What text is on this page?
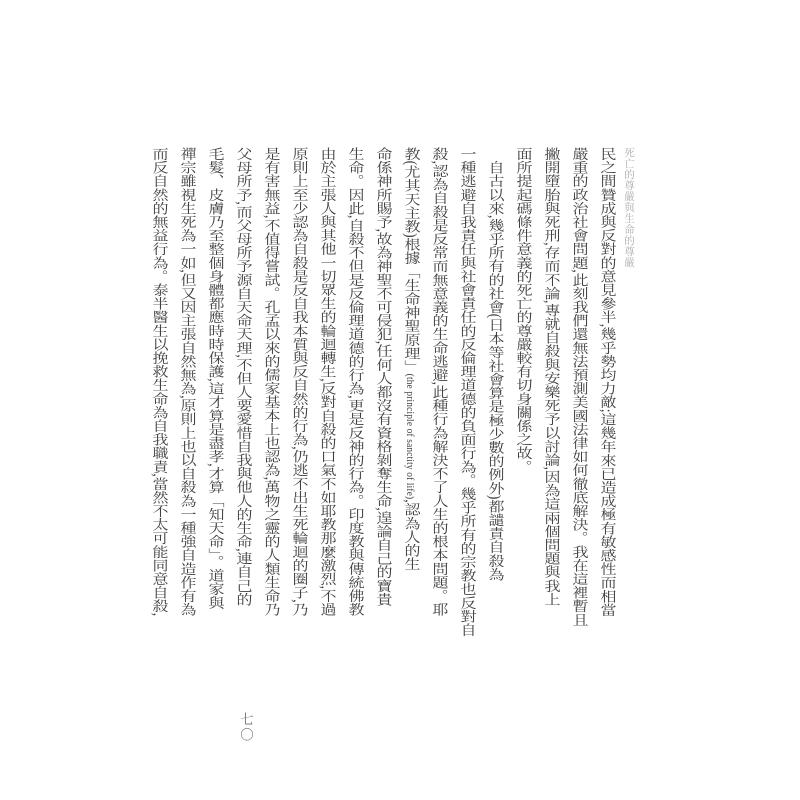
死亡的尊嚴與生命的尊嚴
民之間贊成與反對的意見參半,幾乎勢均力敵;這幾年來已造成極有敏感性而相當
嚴重的政治社會問題,此刻我們還無法預測美國法律如何徹底解決。我在這裡暫且
撇開墮胎與死刑,存而不論,專就自殺與安樂死予以討論,因為這兩個問題與我上
面所提起碼條件意義的死亡的尊嚴較有切身關係之故。
自古以來,幾乎所有的社會(日本等社會算是極少數的例外)都譴責自殺為
一種逃避自我責任與社會責任的反倫理道德的負面行為。幾乎所有的宗教也反對自
殺,認為自殺是反常而無意義的生命逃避,此種行為解決不了人生的根本問題。耶
教(尤其天主教)根據「生命神聖原理」(the principle of sanctity of life),認為人的生
命係神所賜予,故為神聖不可侵犯,任何人都沒有資格剝奪生命,遑論自己的寶貴
生命。因此,自殺不但是反倫理道德的行為,更是反神的行為。印度教與傳統佛教
由於主張人與其他一切眾生的輪迴轉生,反對自殺的口氣不如耶教那麼激烈,不過
原則上至少認為自殺是反自我本質與反自然的行為,仍逃不出生死輪迴的圈子,乃
是有害無益,不值得嘗試。孔孟以來的儒家基本上也認為,萬物之靈的人類生命乃
父母所予,而父母所予源自天命天理,不但人要愛惜自我與他人的生命,連自己的
毛髮、皮膚乃至整個身體都應時時保護,這才算是盡孝,才算「知天命」。道家與
禪宗雖視生死為一如,但又因主張自然無為,原則上也以自殺為一種強自造作有為
而反自然的無益行為。泰半醫生以挽救生命為自我職責,當然不太可能同意自殺,
七〇
